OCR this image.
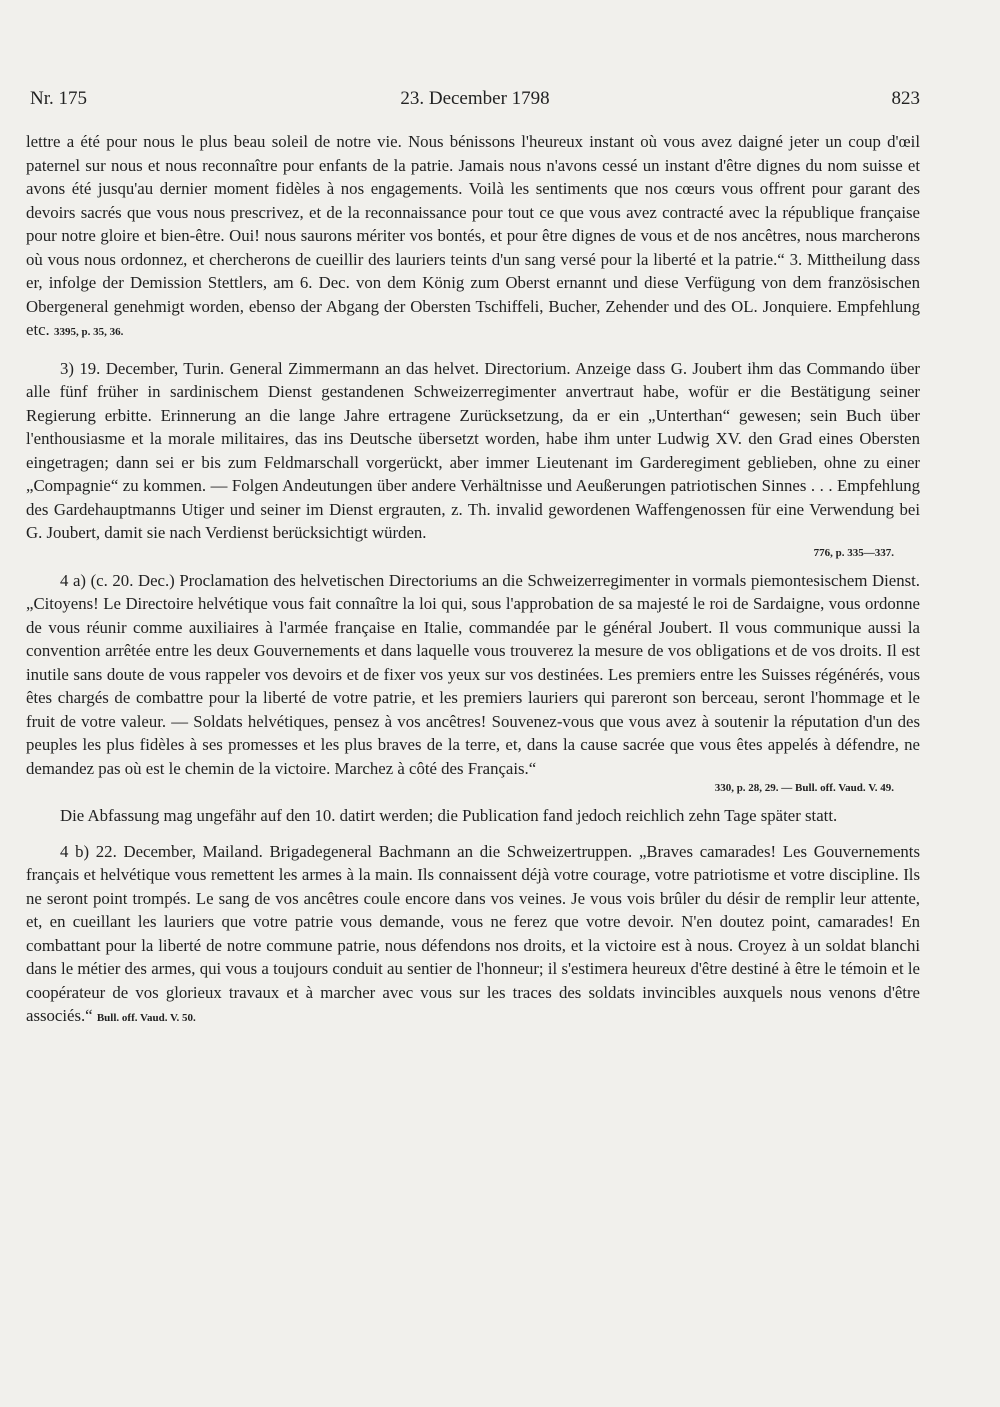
Nr. 175	23. December 1798	823

lettre a été pour nous le plus beau soleil de notre vie. Nous bénissons l'heureux instant où vous avez daigné jeter un coup d'œil paternel sur nous et nous reconnaître pour enfants de la patrie. Jamais nous n'avons cessé un instant d'être dignes du nom suisse et avons été jusqu'au dernier moment fidèles à nos engagements. Voilà les sentiments que nos cœurs vous offrent pour garant des devoirs sacrés que vous nous prescrivez, et de la reconnaissance pour tout ce que vous avez contracté avec la république française pour notre gloire et bien-être. Oui! nous saurons mériter vos bontés, et pour être dignes de vous et de nos ancêtres, nous marcherons où vous nous ordonnez, et chercherons de cueillir des lauriers teints d'un sang versé pour la liberté et la patrie.“ 3. Mittheilung dass er, infolge der Demission Stettlers, am 6. Dec. von dem König zum Oberst ernannt und diese Verfügung von dem französischen Obergeneral genehmigt worden, ebenso der Abgang der Obersten Tschiffeli, Bucher, Zehender und des OL. Jonquiere. Empfehlung etc. 3395, p. 35, 36.

3) 19. December, Turin. General Zimmermann an das helvet. Directorium. Anzeige dass G. Joubert ihm das Commando über alle fünf früher in sardinischem Dienst gestandenen Schweizerregimenter anvertraut habe, wofür er die Bestätigung seiner Regierung erbitte. Erinnerung an die lange Jahre ertragene Zurücksetzung, da er ein „Unterthan“ gewesen; sein Buch über l'enthousiasme et la morale militaires, das ins Deutsche übersetzt worden, habe ihm unter Ludwig XV. den Grad eines Obersten eingetragen; dann sei er bis zum Feldmarschall vorgerückt, aber immer Lieutenant im Garderegiment geblieben, ohne zu einer „Compagnie“ zu kommen. — Folgen Andeutungen über andere Verhältnisse und Aeußerungen patriotischen Sinnes . . . Empfehlung des Gardehauptmanns Utiger und seiner im Dienst ergrauten, z. Th. invalid gewordenen Waffengenossen für eine Verwendung bei G. Joubert, damit sie nach Verdienst berücksichtigt würden.

776, p. 335—337.

4 a) (c. 20. Dec.) Proclamation des helvetischen Directoriums an die Schweizerregimenter in vormals piemontesischem Dienst. „Citoyens! Le Directoire helvétique vous fait connaître la loi qui, sous l'approbation de sa majesté le roi de Sardaigne, vous ordonne de vous réunir comme auxiliaires à l'armée française en Italie, commandée par le général Joubert. Il vous communique aussi la convention arrêtée entre les deux Gouvernements et dans laquelle vous trouverez la mesure de vos obligations et de vos droits. Il est inutile sans doute de vous rappeler vos devoirs et de fixer vos yeux sur vos destinées. Les premiers entre les Suisses régénérés, vous êtes chargés de combattre pour la liberté de votre patrie, et les premiers lauriers qui pareront son berceau, seront l'hommage et le fruit de votre valeur. — Soldats helvétiques, pensez à vos ancêtres! Souvenez-vous que vous avez à soutenir la réputation d'un des peuples les plus fidèles à ses promesses et les plus braves de la terre, et, dans la cause sacrée que vous êtes appelés à défendre, ne demandez pas où est le chemin de la victoire. Marchez à côté des Français.“

330, p. 28, 29. — Bull. off. Vaud. V. 49.

Die Abfassung mag ungefähr auf den 10. datirt werden; die Publication fand jedoch reichlich zehn Tage später statt.

4 b) 22. December, Mailand. Brigadegeneral Bachmann an die Schweizertruppen. „Braves camarades! Les Gouvernements français et helvétique vous remettent les armes à la main. Ils connaissent déjà votre courage, votre patriotisme et votre discipline. Ils ne seront point trompés. Le sang de vos ancêtres coule encore dans vos veines. Je vous vois brûler du désir de remplir leur attente, et, en cueillant les lauriers que votre patrie vous demande, vous ne ferez que votre devoir. N'en doutez point, camarades! En combattant pour la liberté de notre commune patrie, nous défendons nos droits, et la victoire est à nous. Croyez à un soldat blanchi dans le métier des armes, qui vous a toujours conduit au sentier de l'honneur; il s'estimera heureux d'être destiné à être le témoin et le coopérateur de vos glorieux travaux et à marcher avec vous sur les traces des soldats invincibles auxquels nous venons d'être associés.“ Bull. off. Vaud. V. 50.
